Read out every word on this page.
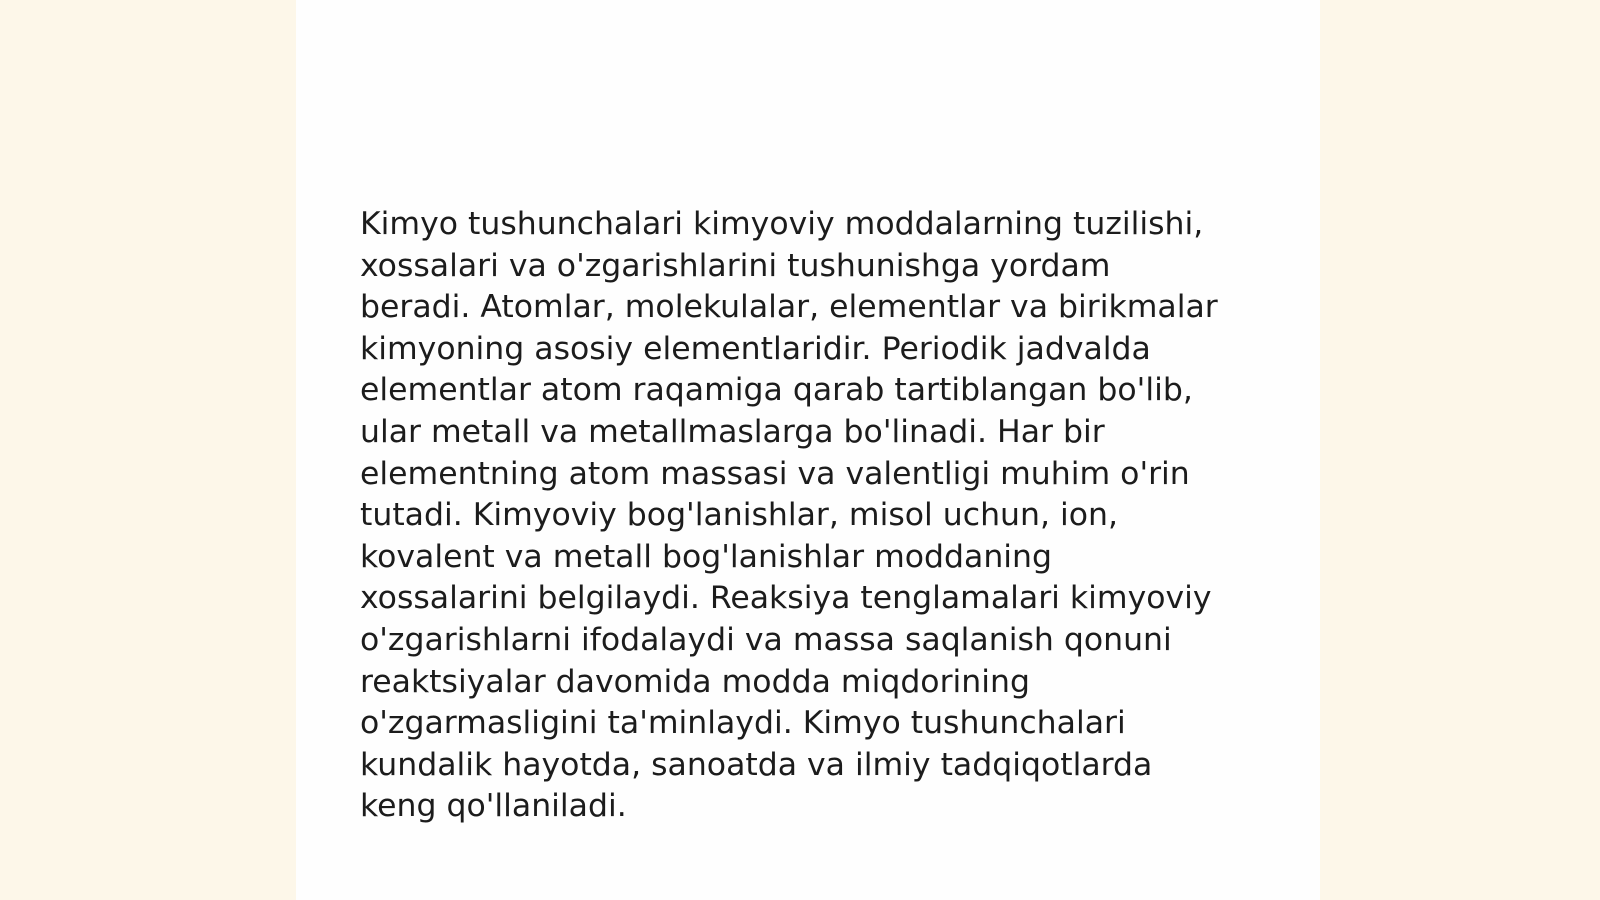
Kimyo tushunchalari kimyoviy moddalarning tuzilishi,
xossalari va o'zgarishlarini tushunishga yordam
beradi. Atomlar, molekulalar, elementlar va birikmalar
kimyoning asosiy elementlaridir. Periodik jadvalda
elementlar atom raqamiga qarab tartiblangan bo'lib,
ular metall va metallmaslarga bo'linadi. Har bir
elementning atom massasi va valentligi muhim o'rin
tutadi. Kimyoviy bog'lanishlar, misol uchun, ion,
kovalent va metall bog'lanishlar moddaning
xossalarini belgilaydi. Reaksiya tenglamalari kimyoviy
o'zgarishlarni ifodalaydi va massa saqlanish qonuni
reaktsiyalar davomida modda miqdorining
o'zgarmasligini ta'minlaydi. Kimyo tushunchalari
kundalik hayotda, sanoatda va ilmiy tadqiqotlarda
keng qo'llaniladi.
